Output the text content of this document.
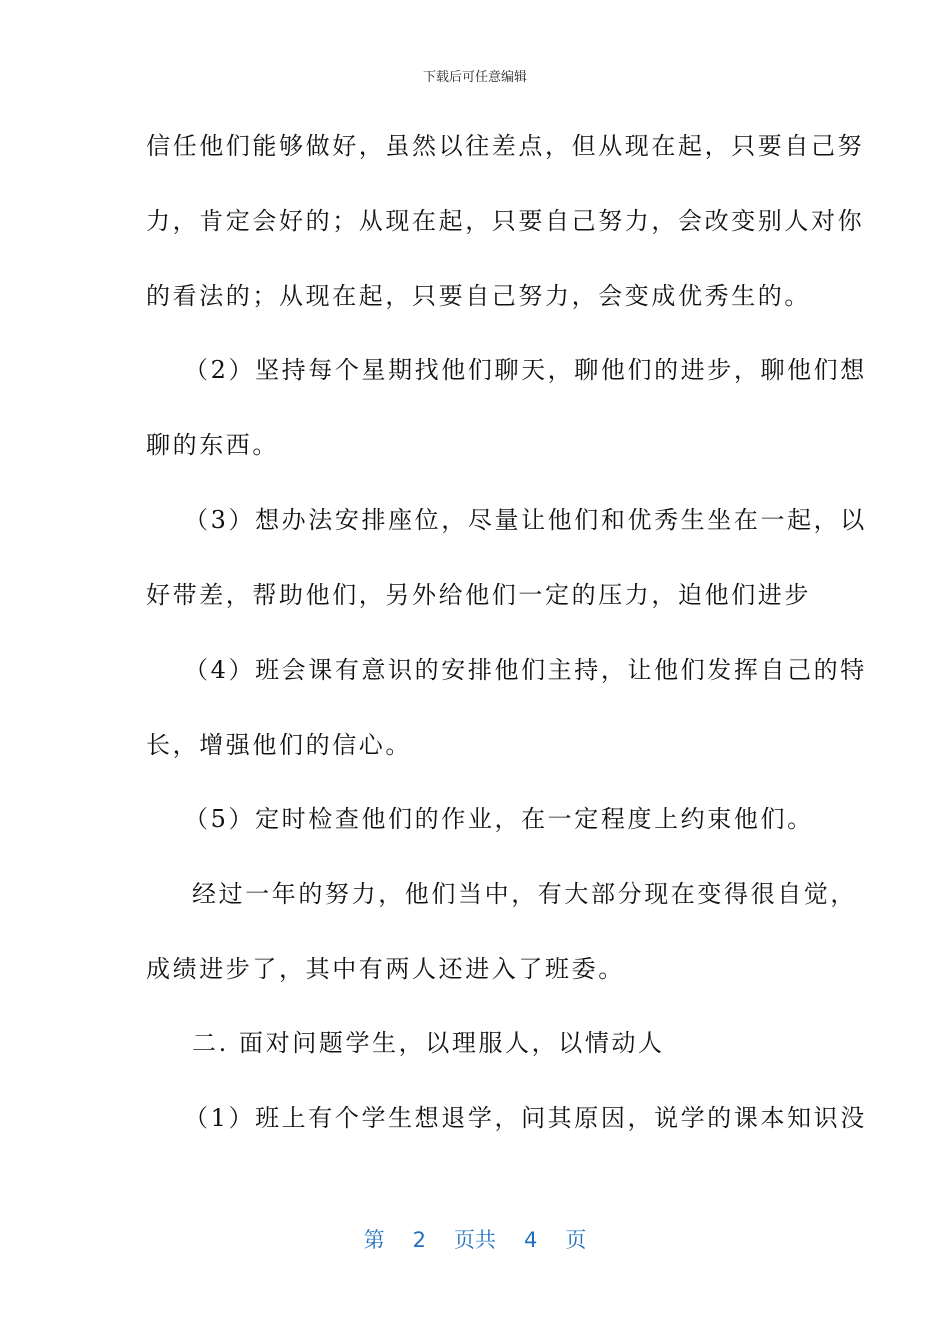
下载后可任意编辑
信任他们能够做好，虽然以往差点，但从现在起，只要自己努
力，肯定会好的；从现在起，只要自己努力，会改变别人对你
的看法的；从现在起，只要自己努力，会变成优秀生的。
（2）坚持每个星期找他们聊天，聊他们的进步，聊他们想
聊的东西。
（3）想办法安排座位，尽量让他们和优秀生坐在一起，以
好带差，帮助他们，另外给他们一定的压力，迫他们进步
（4）班会课有意识的安排他们主持，让他们发挥自己的特
长，增强他们的信心。
（5）定时检查他们的作业，在一定程度上约束他们。
经过一年的努力，他们当中，有大部分现在变得很自觉，
成绩进步了，其中有两人还进入了班委。
二. 面对问题学生，以理服人，以情动人
（1）班上有个学生想退学，问其原因，说学的课本知识没
第 2 页共 4 页
